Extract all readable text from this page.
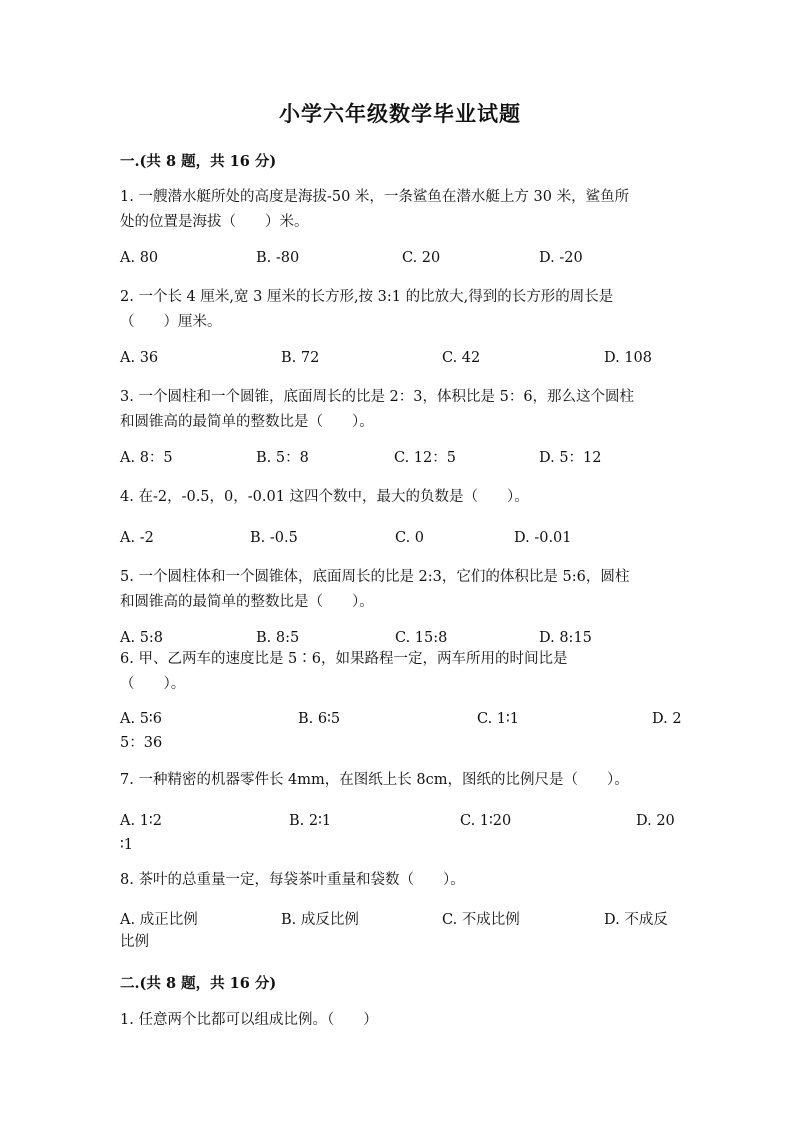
小学六年级数学毕业试题

一.(共 8 题，共 16 分)

1. 一艘潜水艇所处的高度是海拔-50 米，一条鲨鱼在潜水艇上方 30 米，鲨鱼所
处的位置是海拔（　　）米。
A. 80	B. -80	C. 20	D. -20
2. 一个长 4 厘米,宽 3 厘米的长方形,按 3:1 的比放大,得到的长方形的周长是
（　　）厘米。
A. 36	B. 72	C. 42	D. 108
3. 一个圆柱和一个圆锥，底面周长的比是 2：3，体积比是 5：6，那么这个圆柱
和圆锥高的最简单的整数比是（　　）。
A. 8：5	B. 5：8	C. 12：5	D. 5：12
4. 在-2，-0.5，0，-0.01 这四个数中，最大的负数是（　　）。
A. -2	B. -0.5	C. 0	D. -0.01
5. 一个圆柱体和一个圆锥体，底面周长的比是 2:3，它们的体积比是 5:6，圆柱
和圆锥高的最简单的整数比是（　　）。
A. 5:8	B. 8:5	C. 15:8	D. 8:15
6. 甲、乙两车的速度比是 5∶6，如果路程一定，两车所用的时间比是
（　　）。
A. 5∶6	B. 6∶5	C. 1∶1	D. 2
5：36
7. 一种精密的机器零件长 4mm，在图纸上长 8cm，图纸的比例尺是（　　）。
A. 1∶2	B. 2∶1	C. 1∶20	D. 20
∶1
8. 茶叶的总重量一定，每袋茶叶重量和袋数（　　）。
A. 成正比例	B. 成反比例	C. 不成比例	D. 不成反
比例

二.(共 8 题，共 16 分)

1. 任意两个比都可以组成比例。（　　）
